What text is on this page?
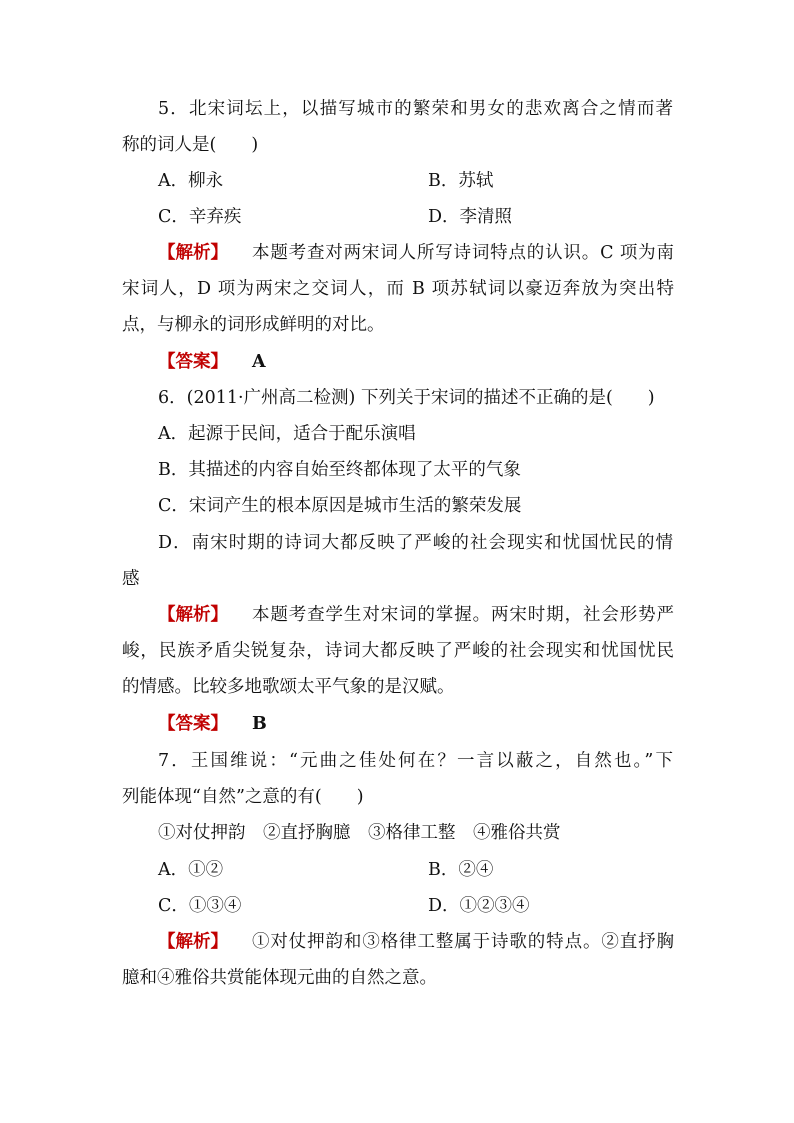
5．北宋词坛上，以描写城市的繁荣和男女的悲欢离合之情而著
称的词人是(　　)
A．柳永	B．苏轼
C．辛弃疾	D．李清照
【解析】 本题考查对两宋词人所写诗词特点的认识。C 项为南
宋词人，D 项为两宋之交词人，而 B 项苏轼词以豪迈奔放为突出特
点，与柳永的词形成鲜明的对比。
【答案】 A
6．(2011·广州高二检测) 下列关于宋词的描述不正确的是(　　)
A．起源于民间，适合于配乐演唱
B．其描述的内容自始至终都体现了太平的气象
C．宋词产生的根本原因是城市生活的繁荣发展
D．南宋时期的诗词大都反映了严峻的社会现实和忧国忧民的情
感
【解析】 本题考查学生对宋词的掌握。两宋时期，社会形势严
峻，民族矛盾尖锐复杂，诗词大都反映了严峻的社会现实和忧国忧民
的情感。比较多地歌颂太平气象的是汉赋。
【答案】 B
7．王国维说：“元曲之佳处何在？一言以蔽之，自然也。”下
列能体现“自然”之意的有(　　)
①对仗押韵　②直抒胸臆　③格律工整　④雅俗共赏
A．①②	B．②④
C．①③④	D．①②③④
【解析】 ①对仗押韵和③格律工整属于诗歌的特点。②直抒胸
臆和④雅俗共赏能体现元曲的自然之意。
